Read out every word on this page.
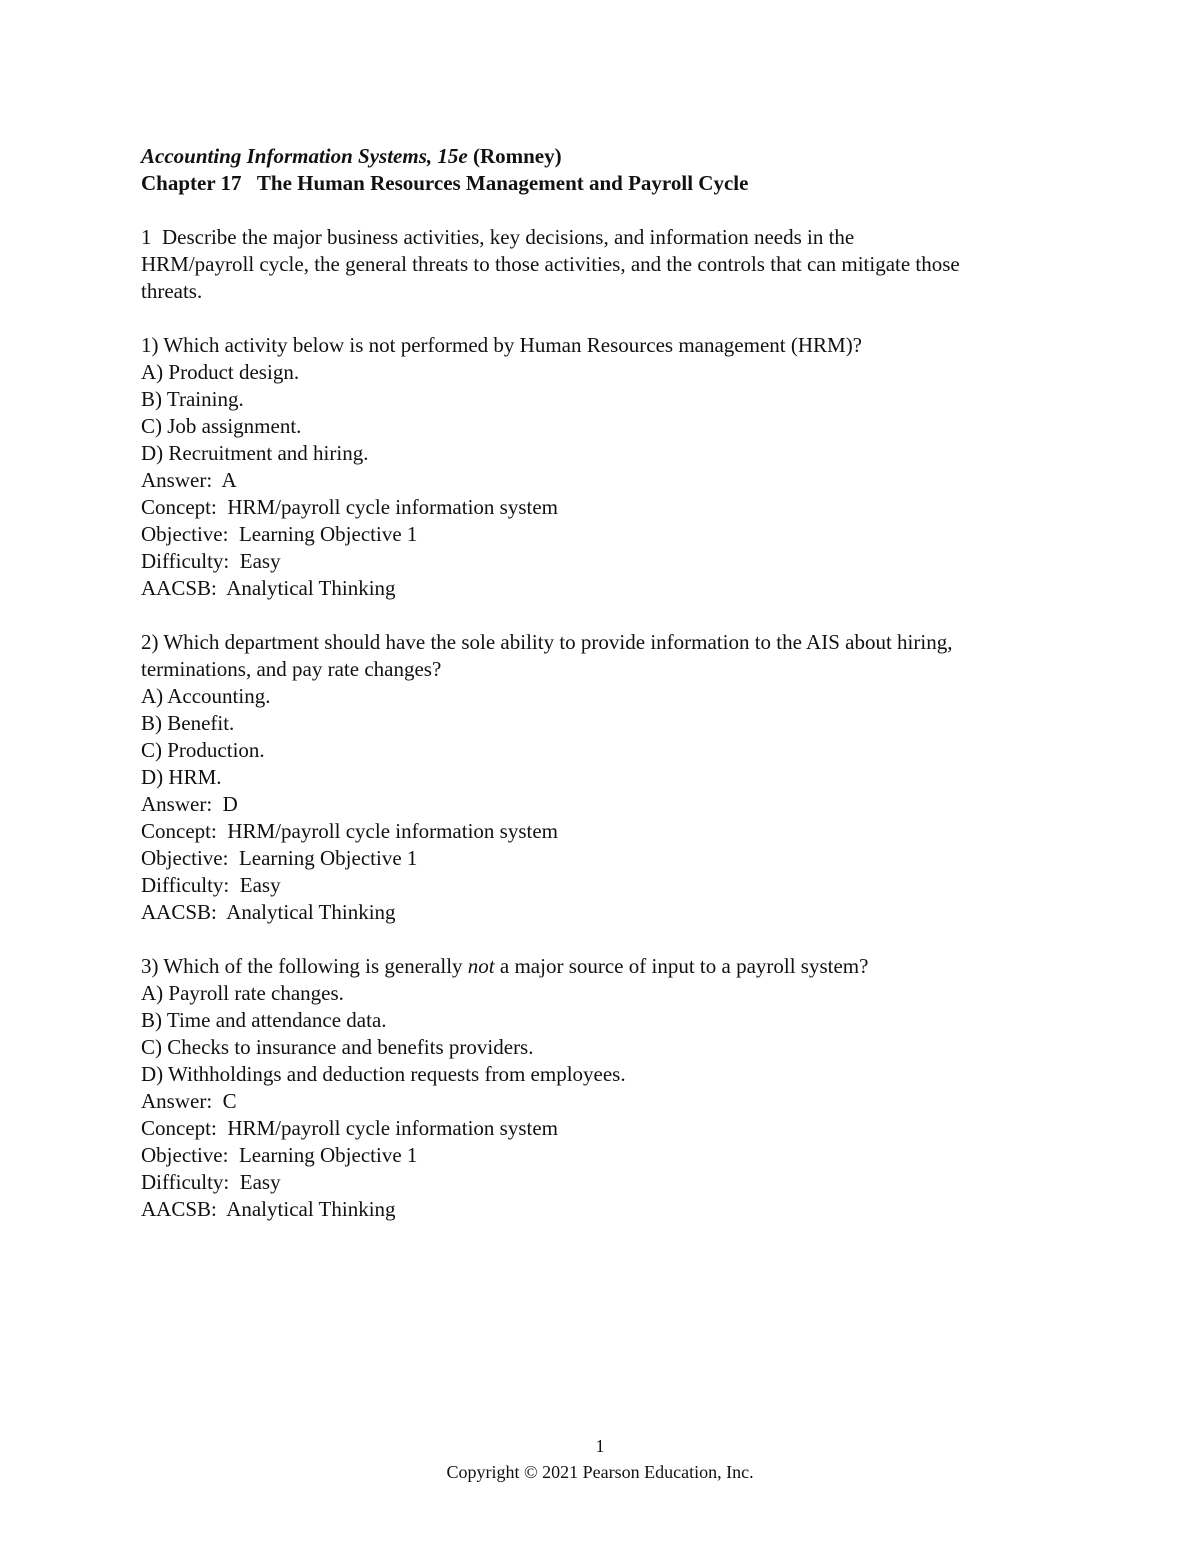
Accounting Information Systems, 15e (Romney)

Chapter 17   The Human Resources Management and Payroll Cycle

1  Describe the major business activities, key decisions, and information needs in the

HRM/payroll cycle, the general threats to those activities, and the controls that can mitigate those

threats.

1) Which activity below is not performed by Human Resources management (HRM)?

A) Product design.

B) Training.

C) Job assignment.

D) Recruitment and hiring.

Answer:  A

Concept:  HRM/payroll cycle information system

Objective:  Learning Objective 1

Difficulty:  Easy

AACSB:  Analytical Thinking

2) Which department should have the sole ability to provide information to the AIS about hiring,

terminations, and pay rate changes?

A) Accounting.

B) Benefit.

C) Production.

D) HRM.

Answer:  D

Concept:  HRM/payroll cycle information system

Objective:  Learning Objective 1

Difficulty:  Easy

AACSB:  Analytical Thinking

3) Which of the following is generally not a major source of input to a payroll system?

A) Payroll rate changes.

B) Time and attendance data.

C) Checks to insurance and benefits providers.

D) Withholdings and deduction requests from employees.

Answer:  C

Concept:  HRM/payroll cycle information system

Objective:  Learning Objective 1

Difficulty:  Easy

AACSB:  Analytical Thinking

1
Copyright © 2021 Pearson Education, Inc.
